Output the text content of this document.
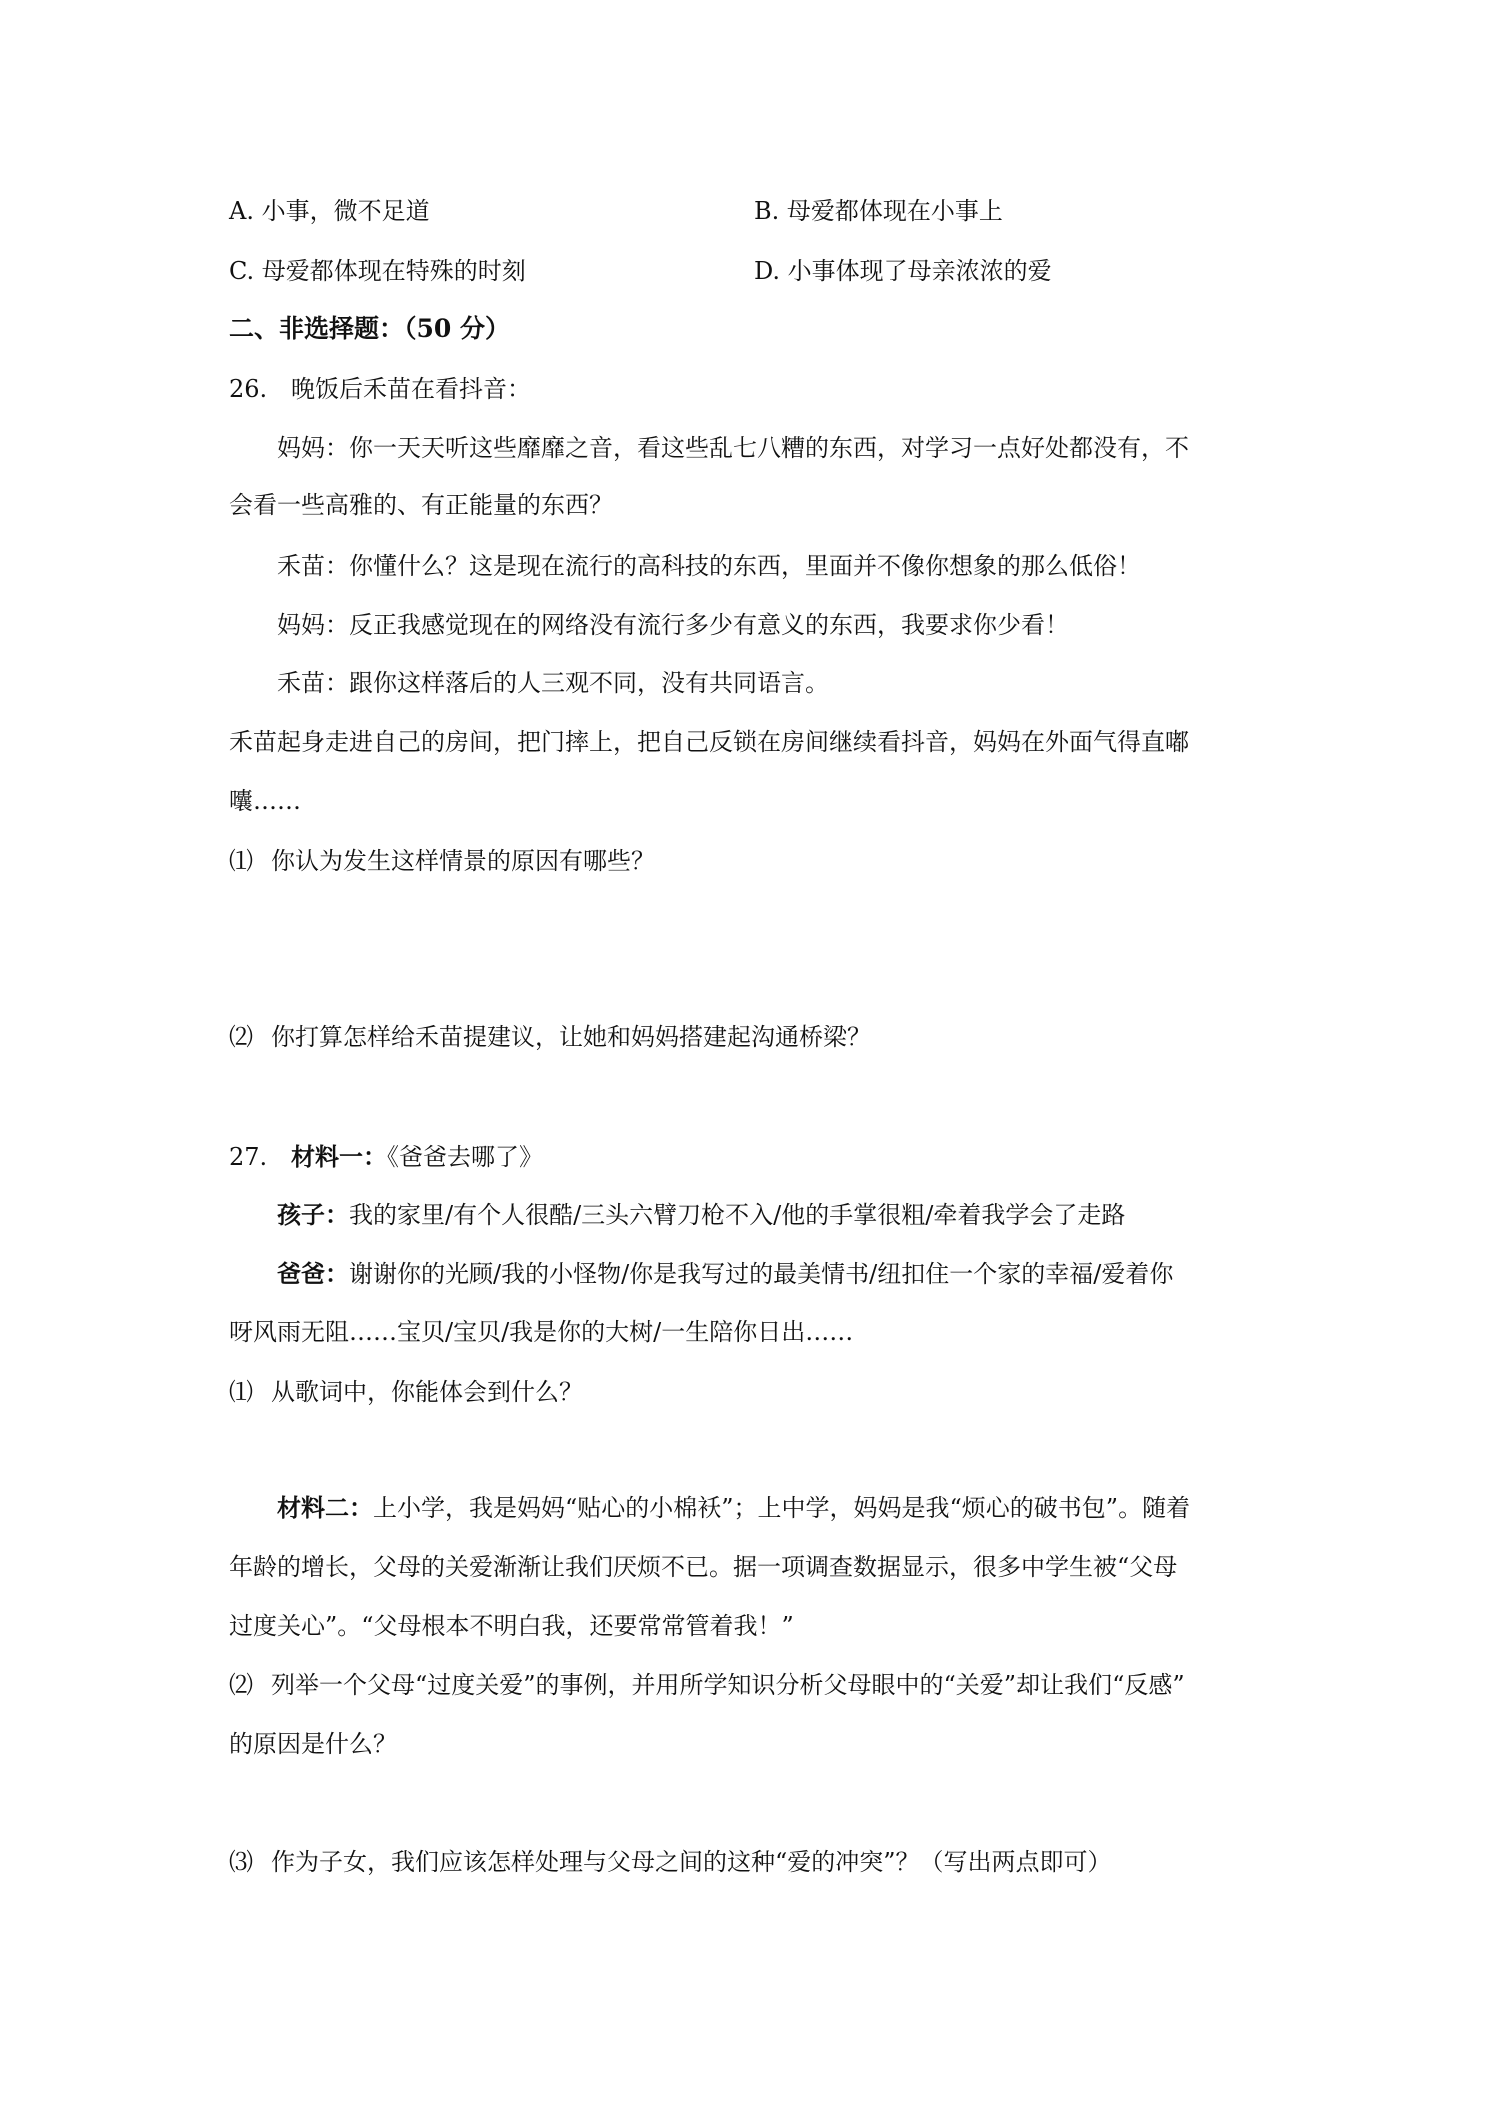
A. 小事，微不足道	B. 母爱都体现在小事上
C. 母爱都体现在特殊的时刻	D. 小事体现了母亲浓浓的爱
二、非选择题：（50 分）
26. 晚饭后禾苗在看抖音：
妈妈：你一天天听这些靡靡之音，看这些乱七八糟的东西，对学习一点好处都没有，不
会看一些高雅的、有正能量的东西？
禾苗：你懂什么？这是现在流行的高科技的东西，里面并不像你想象的那么低俗！
妈妈：反正我感觉现在的网络没有流行多少有意义的东西，我要求你少看！
禾苗：跟你这样落后的人三观不同，没有共同语言。
禾苗起身走进自己的房间，把门摔上，把自己反锁在房间继续看抖音，妈妈在外面气得直嘟
囔……
⑴ 你认为发生这样情景的原因有哪些？
⑵ 你打算怎样给禾苗提建议，让她和妈妈搭建起沟通桥梁？
27. 材料一：《爸爸去哪了》
孩子：我的家里/有个人很酷/三头六臂刀枪不入/他的手掌很粗/牵着我学会了走路
爸爸：谢谢你的光顾/我的小怪物/你是我写过的最美情书/纽扣住一个家的幸福/爱着你
呀风雨无阻……宝贝/宝贝/我是你的大树/一生陪你日出……
⑴ 从歌词中，你能体会到什么？
材料二：上小学，我是妈妈“贴心的小棉袄”；上中学，妈妈是我“烦心的破书包”。随着
年龄的增长，父母的关爱渐渐让我们厌烦不已。据一项调查数据显示，很多中学生被“父母
过度关心”。“父母根本不明白我，还要常常管着我！”
⑵ 列举一个父母“过度关爱”的事例，并用所学知识分析父母眼中的“关爱”却让我们“反感”
的原因是什么？
⑶ 作为子女，我们应该怎样处理与父母之间的这种“爱的冲突”？（写出两点即可）
